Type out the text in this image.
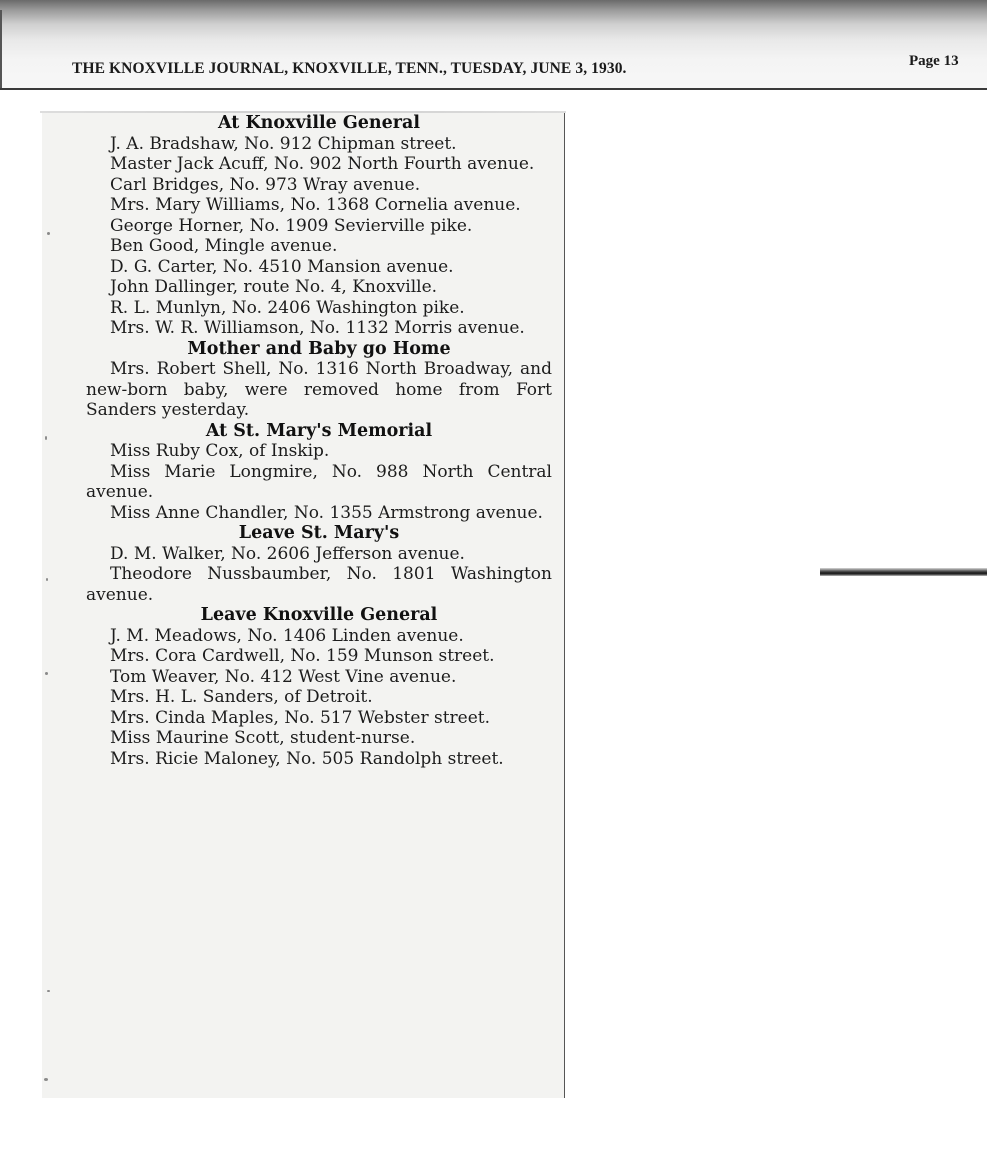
THE KNOXVILLE JOURNAL, KNOXVILLE, TENN., TUESDAY, JUNE 3, 1930.	Page 13
At Knoxville General

J. A. Bradshaw, No. 912 Chipman street.

Master Jack Acuff, No. 902 North Fourth avenue.

Carl Bridges, No. 973 Wray avenue.

Mrs. Mary Williams, No. 1368 Cornelia avenue.

George Horner, No. 1909 Sevierville pike.

Ben Good, Mingle avenue.

D. G. Carter, No. 4510 Mansion avenue.

John Dallinger, route No. 4, Knoxville.

R. L. Munlyn, No. 2406 Washington pike.

Mrs. W. R. Williamson, No. 1132 Morris avenue.

Mother and Baby go Home

Mrs. Robert Shell, No. 1316 North Broadway, and new-born baby, were removed home from Fort Sanders yesterday.

At St. Mary's Memorial

Miss Ruby Cox, of Inskip.

Miss Marie Longmire, No. 988 North Central avenue.

Miss Anne Chandler, No. 1355 Armstrong avenue.

Leave St. Mary's

D. M. Walker, No. 2606 Jefferson avenue.

Theodore Nussbaumber, No. 1801 Washington avenue.

Leave Knoxville General

J. M. Meadows, No. 1406 Linden avenue.

Mrs. Cora Cardwell, No. 159 Munson street.

Tom Weaver, No. 412 West Vine avenue.

Mrs. H. L. Sanders, of Detroit.

Mrs. Cinda Maples, No. 517 Webster street.

Miss Maurine Scott, student-nurse.

Mrs. Ricie Maloney, No. 505 Randolph street.
